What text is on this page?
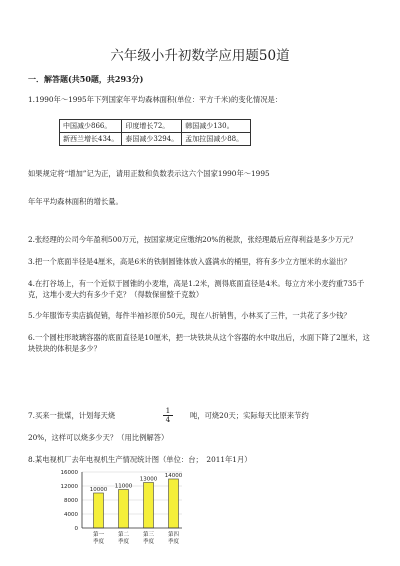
六年级小升初数学应用题50道
一．解答题(共50题，共293分)
1.1990年～1995年下列国家年平均森林面积(单位：平方千米)的变化情况是：
中国减少866。	印度增长72。	韩国减少130。
新西兰增长434。	泰国减少3294。	孟加拉国减少88。
如果规定将“增加”记为正，请用正数和负数表示这六个国家1990年～1995
年年平均森林面积的增长量。
2.张经理的公司今年盈利500万元，按国家规定应缴纳20%的税款，张经理最后应得利益是多少万元？
3.把一个底面半径是4厘米，高是6米的铁制圆锥体放入盛满水的桶里，将有多少立方厘米的水溢出？
4.在打谷场上，有一个近似于圆锥的小麦堆，高是1.2米，测得底面直径是4米。每立方米小麦约重735千克，这堆小麦大约有多少千克？（得数保留整千克数）
5.少年服饰专卖店搞促销，每件半袖衫原价50元，现在八折销售，小林买了三件，一共花了多少钱？
6.一个圆柱形玻璃容器的底面直径是10厘米，把一块铁块从这个容器的水中取出后，水面下降了2厘米，这块铁块的体积是多少？
7.买来一批煤，计划每天烧	$\frac{1}{4}$ 吨，可烧20天；实际每天比原来节约
20%，这样可以烧多少天？（用比例解答）
8.某电视机厂去年电视机生产情况统计图（单位：台；　2011年1月）
0
4000
8000
12000
16000
10000
第一
季度
11000
第二
季度
13000
第三
季度
14000
第四
季度
